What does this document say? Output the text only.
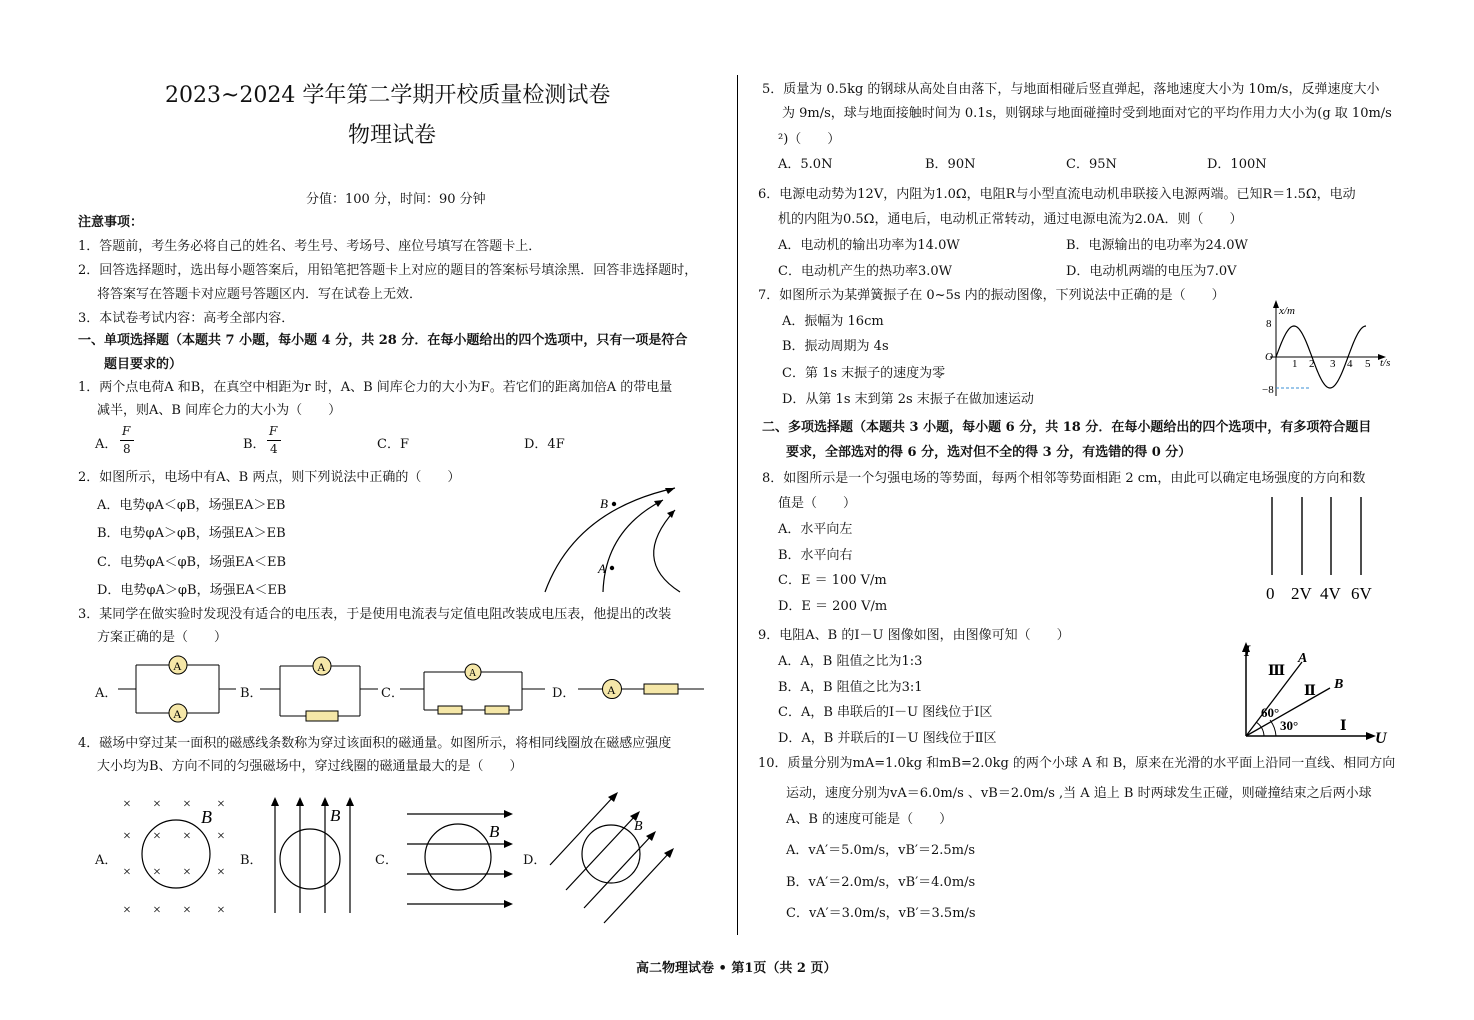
2023~2024 学年第二学期开校质量检测试卷
物理试卷
分值：100 分，时间：90 分钟
注意事项：
1．答题前，考生务必将自己的姓名、考生号、考场号、座位号填写在答题卡上．
2．回答选择题时，选出每小题答案后，用铅笔把答题卡上对应的题目的答案标号填涂黑．回答非选择题时，
将答案写在答题卡对应题号答题区内．写在试卷上无效．
3．本试卷考试内容：高考全部内容．
一、单项选择题（本题共 7 小题，每小题 4 分，共 28 分．在每小题给出的四个选项中，只有一项是符合
题目要求的）
1．两个点电荷A 和B，在真空中相距为r 时，A、B 间库仑力的大小为F。若它们的距离加倍A 的带电量
减半，则A、B 间库仑力的大小为（　　）
A．
F
8	B．
F
4	C．F	D．4F
2．如图所示，电场中有A、B 两点，则下列说法中正确的（　　）
A．电势φA＜φB，场强EA＞EB
B．电势φA＞φB，场强EA＞EB
C．电势φA＜φB，场强EA＜EB
D．电势φA＞φB，场强EA＜EB
B
A
3．某同学在做实验时发现没有适合的电压表，于是使用电流表与定值电阻改装成电压表，他提出的改装
方案正确的是（　　）
A．	B．	C．	D．
A
A
A	A
A
4．磁场中穿过某一面积的磁感线条数称为穿过该面积的磁通量。如图所示，将相同线圈放在磁感应强度
大小均为B、方向不同的匀强磁场中，穿过线圈的磁通量最大的是（　　）
A．	B．	C．	D．
×
×
×
×
×
×
×
×
×	×
×	×
× ×
× ×
B	B
B	B
5．质量为 0.5kg 的钢球从高处自由落下，与地面相碰后竖直弹起，落地速度大小为 10m/s，反弹速度大小
为 9m/s，球与地面接触时间为 0.1s，则钢球与地面碰撞时受到地面对它的平均作用力大小为(g 取 10m/s
²)（　　）
A．5.0N	B．90N	C．95N	D．100N
6．电源电动势为12V，内阻为1.0Ω，电阻R与小型直流电动机串联接入电源两端。已知R＝1.5Ω，电动
机的内阻为0.5Ω，通电后，电动机正常转动，通过电源电流为2.0A．则（　　）
A．电动机的输出功率为14.0W	B．电源输出的电功率为24.0W
C．电动机产生的热功率3.0W	D．电动机两端的电压为7.0V
7．如图所示为某弹簧振子在 0~5s 内的振动图像，下列说法中正确的是（　　）
A．振幅为 16cm
B．振动周期为 4s
C．第 1s 末振子的速度为零
D．从第 1s 末到第 2s 末振子在做加速运动
x/m
t/s
O
8
−8
1 2 3 4 5
二、多项选择题（本题共 3 小题，每小题 6 分，共 18 分．在每小题给出的四个选项中，有多项符合题目
要求，全部选对的得 6 分，选对但不全的得 3 分，有选错的得 0 分）
8．如图所示是一个匀强电场的等势面，每两个相邻等势面相距 2 cm，由此可以确定电场强度的方向和数
值是（　　）
A．水平向左
B．水平向右
C．E ＝ 100 V/m
D．E ＝ 200 V/m
0 2V 4V 6V
9．电阻A、B 的I－U 图像如图，由图像可知（　　）
A．A，B 阻值之比为1:3
B．A，B 阻值之比为3:1
C．A，B 串联后的I－U 图线位于Ⅰ区
D．A，B 并联后的I－U 图线位于Ⅱ区
I
U
A
B
Ⅲ
Ⅱ
Ⅰ
60°
30°
10．质量分别为mA=1.0kg 和mB=2.0kg 的两个小球 A 和 B，原来在光滑的水平面上沿同一直线、相同方向
运动，速度分别为vA＝6.0m/s 、vB＝2.0m/s ,当 A 追上 B 时两球发生正碰，则碰撞结束之后两小球
A、B 的速度可能是（　　）
A．vA′＝5.0m/s，vB′＝2.5m/s
B．vA′＝2.0m/s，vB′＝4.0m/s
C．vA′＝3.0m/s，vB′＝3.5m/s
高二物理试卷 • 第1页（共 2 页）
